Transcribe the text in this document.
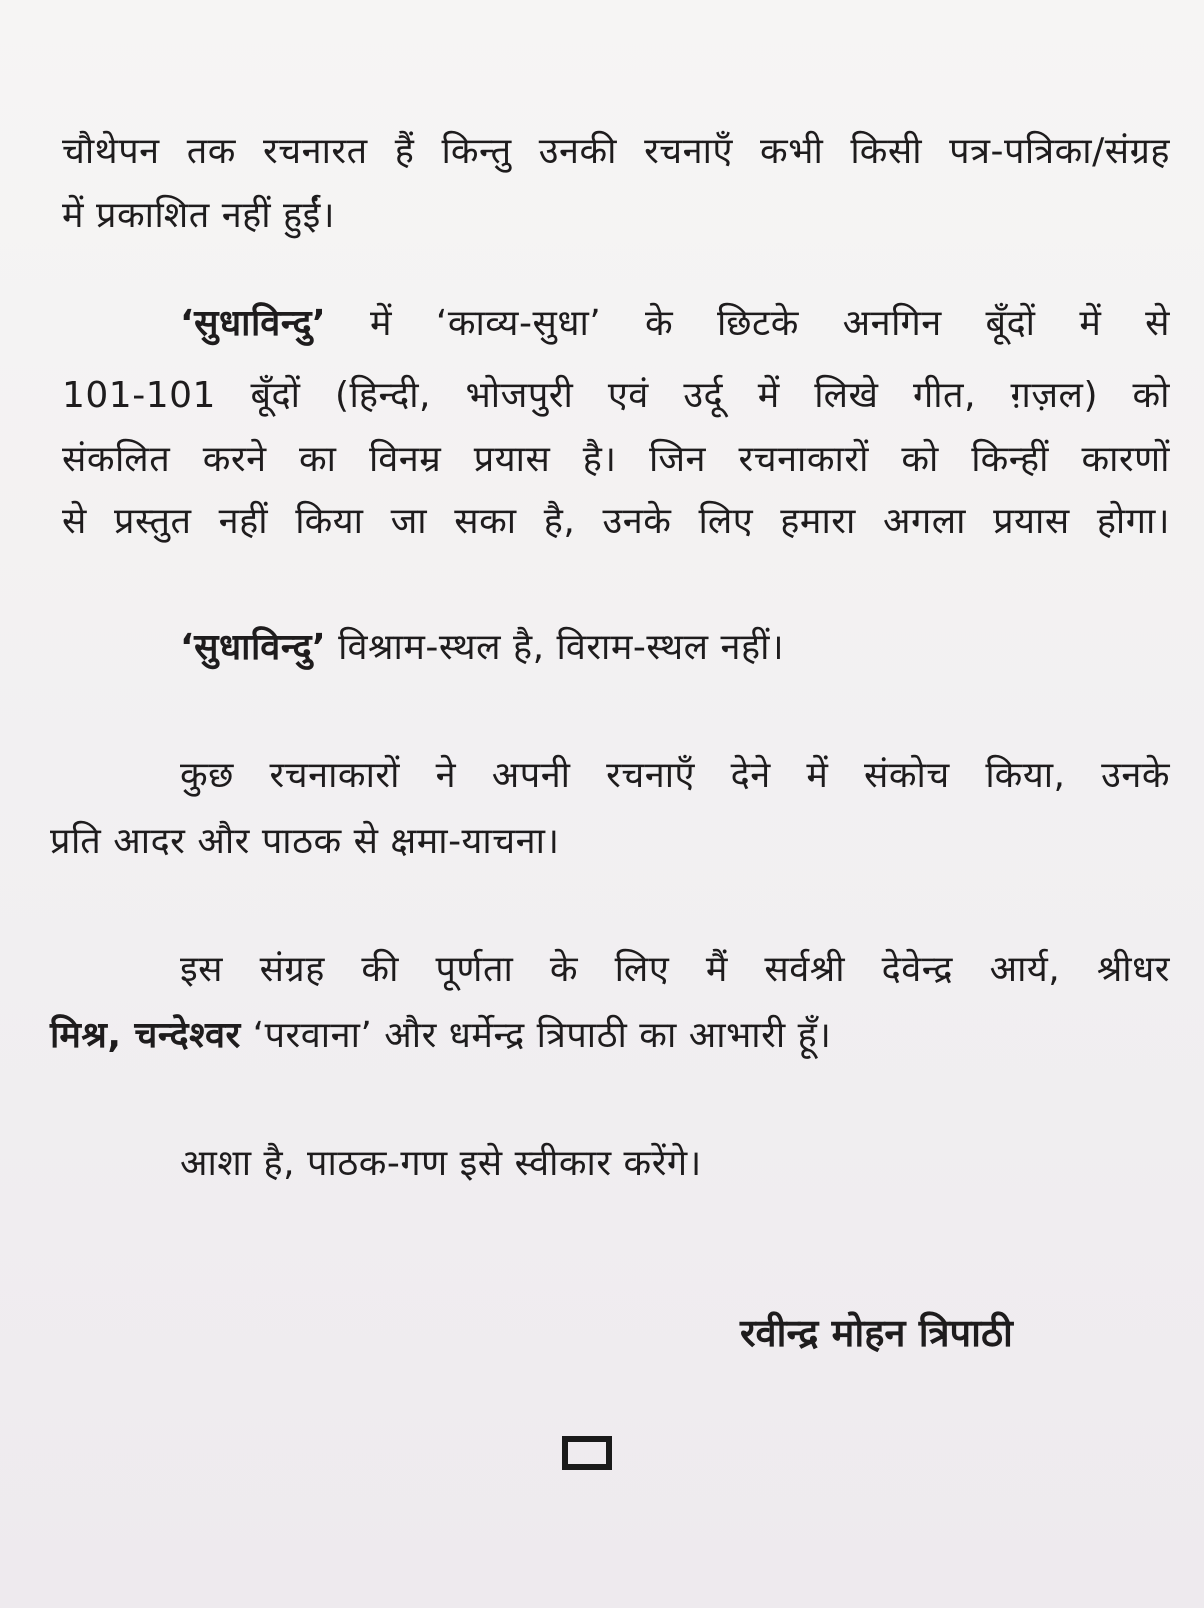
चौथेपन तक रचनारत हैं किन्तु उनकी रचनाएँ कभी किसी पत्र-पत्रिका/संग्रह
में प्रकाशित नहीं हुईं।
‘सुधाविन्दु’ में ‘काव्य-सुधा’ के छिटके अनगिन बूँदों में से
101-101 बूँदों (हिन्दी, भोजपुरी एवं उर्दू में लिखे गीत, ग़ज़ल) को
संकलित करने का विनम्र प्रयास है। जिन रचनाकारों को किन्हीं कारणों
से प्रस्तुत नहीं किया जा सका है, उनके लिए हमारा अगला प्रयास होगा।
‘सुधाविन्दु’ विश्राम-स्थल है, विराम-स्थल नहीं।
कुछ रचनाकारों ने अपनी रचनाएँ देने में संकोच किया, उनके
प्रति आदर और पाठक से क्षमा-याचना।
इस संग्रह की पूर्णता के लिए मैं सर्वश्री देवेन्द्र आर्य, श्रीधर
मिश्र, चन्देश्वर ‘परवाना’ और धर्मेन्द्र त्रिपाठी का आभारी हूँ।
आशा है, पाठक-गण इसे स्वीकार करेंगे।
रवीन्द्र मोहन त्रिपाठी
